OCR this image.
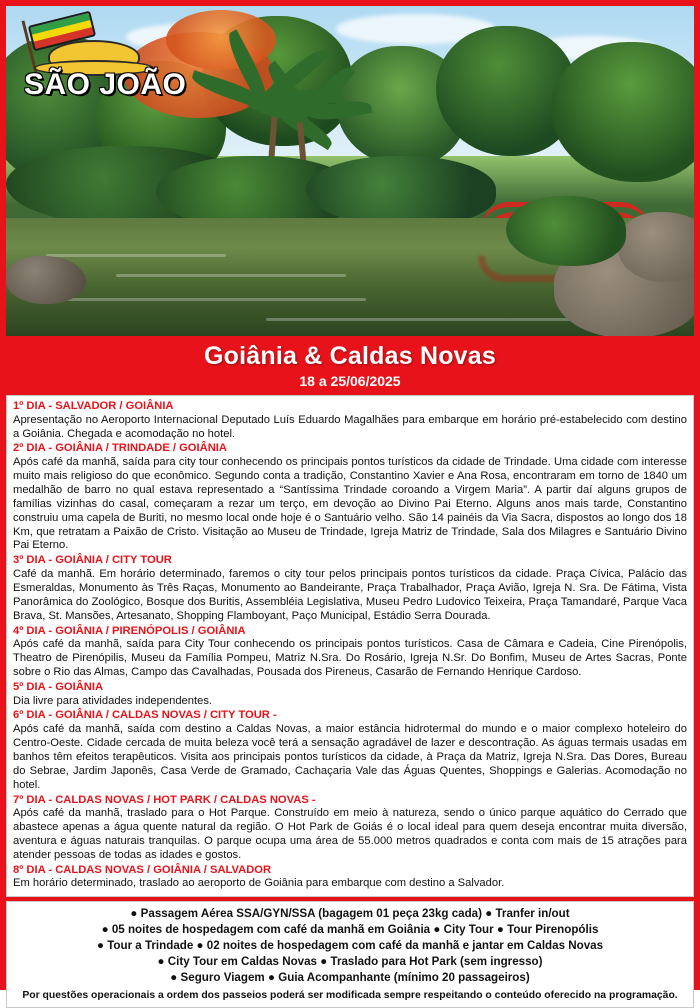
SÃO JOÃO
Goiânia & Caldas Novas
18 a 25/06/2025
1º DIA - SALVADOR / GOIÂNIA
Apresentação no Aeroporto Internacional Deputado Luís Eduardo Magalhães para embarque em horário pré-estabelecido com destino a Goiânia. Chegada e acomodação no hotel.
2º DIA - GOIÂNIA / TRINDADE / GOIÂNIA
Após café da manhã, saída para city tour conhecendo os principais pontos turísticos da cidade de Trindade. Uma cidade com interesse muito mais religioso do que econômico. Segundo conta a tradição, Constantino Xavier e Ana Rosa, encontraram em torno de 1840 um medalhão de barro no qual estava representado a “Santíssima Trindade coroando a Virgem Maria”. A partir daí alguns grupos de famílias vizinhas do casal, começaram a rezar um terço, em devoção ao Divino Pai Eterno. Alguns anos mais tarde, Constantino construiu uma capela de Buriti, no mesmo local onde hoje é o Santuário velho. São 14 painéis da Via Sacra, dispostos ao longo dos 18 Km, que retratam a Paixão de Cristo. Visitação ao Museu de Trindade, Igreja Matriz de Trindade, Sala dos Milagres e Santuário Divino Pai Eterno.
3º DIA - GOIÂNIA / CITY TOUR
Café da manhã. Em horário determinado, faremos o city tour pelos principais pontos turísticos da cidade. Praça Cívica, Palácio das Esmeraldas, Monumento às Três Raças, Monumento ao Bandeirante, Praça Trabalhador, Praça Avião, Igreja N. Sra. De Fátima, Vista Panorâmica do Zoológico, Bosque dos Buritis, Assembléia Legislativa, Museu Pedro Ludovico Teixeira, Praça Tamandaré, Parque Vaca Brava, St. Mansões, Artesanato, Shopping Flamboyant, Paço Municipal, Estádio Serra Dourada.
4º DIA - GOIÂNIA / PIRENÓPOLIS / GOIÂNIA
Após café da manhã, saída para City Tour conhecendo os principais pontos turísticos. Casa de Câmara e Cadeia, Cine Pirenópolis, Theatro de Pirenópilis, Museu da Família Pompeu, Matriz N.Sra. Do Rosário, Igreja N.Sr. Do Bonfim, Museu de Artes Sacras, Ponte sobre o Rio das Almas, Campo das Cavalhadas, Pousada dos Pireneus, Casarão de Fernando Henrique Cardoso.
5º DIA - GOIÂNIA
Dia livre para atividades independentes.
6º DIA - GOIÂNIA / CALDAS NOVAS / CITY TOUR -
Após café da manhã, saída com destino a Caldas Novas, a maior estância hidrotermal do mundo e o maior complexo hoteleiro do Centro-Oeste. Cidade cercada de muita beleza você terá a sensação agradável de lazer e descontração. As águas termais usadas em banhos têm efeitos terapêuticos. Visita aos principais pontos turísticos da cidade, à Praça da Matriz, Igreja N.Sra. Das Dores, Bureau do Sebrae, Jardim Japonês, Casa Verde de Gramado, Cachaçaria Vale das Águas Quentes, Shoppings e Galerias. Acomodação no hotel.
7º DIA - CALDAS NOVAS / HOT PARK / CALDAS NOVAS -
Após café da manhã, traslado para o Hot Parque. Construído em meio à natureza, sendo o único parque aquático do Cerrado que abastece apenas a água quente natural da região. O Hot Park de Goiás é o local ideal para quem deseja encontrar muita diversão, aventura e águas naturais tranquilas. O parque ocupa uma área de 55.000 metros quadrados e conta com mais de 15 atrações para atender pessoas de todas as idades e gostos.
8º DIA - CALDAS NOVAS / GOIÂNIA / SALVADOR
Em horário determinado, traslado ao aeroporto de Goiânia para embarque com destino a Salvador.
● Passagem Aérea SSA/GYN/SSA (bagagem 01 peça 23kg cada) ● Tranfer in/out
● 05 noites de hospedagem com café da manhã em Goiânia ● City Tour ● Tour Pirenopólis
● Tour a Trindade ● 02 noites de hospedagem com café da manhã e jantar em Caldas Novas
● City Tour em Caldas Novas ● Traslado para Hot Park (sem ingresso)
● Seguro Viagem ● Guia Acompanhante (mínimo 20 passageiros)
Por questões operacionais a ordem dos passeios poderá ser modificada sempre respeitando o conteúdo oferecido na programação.
